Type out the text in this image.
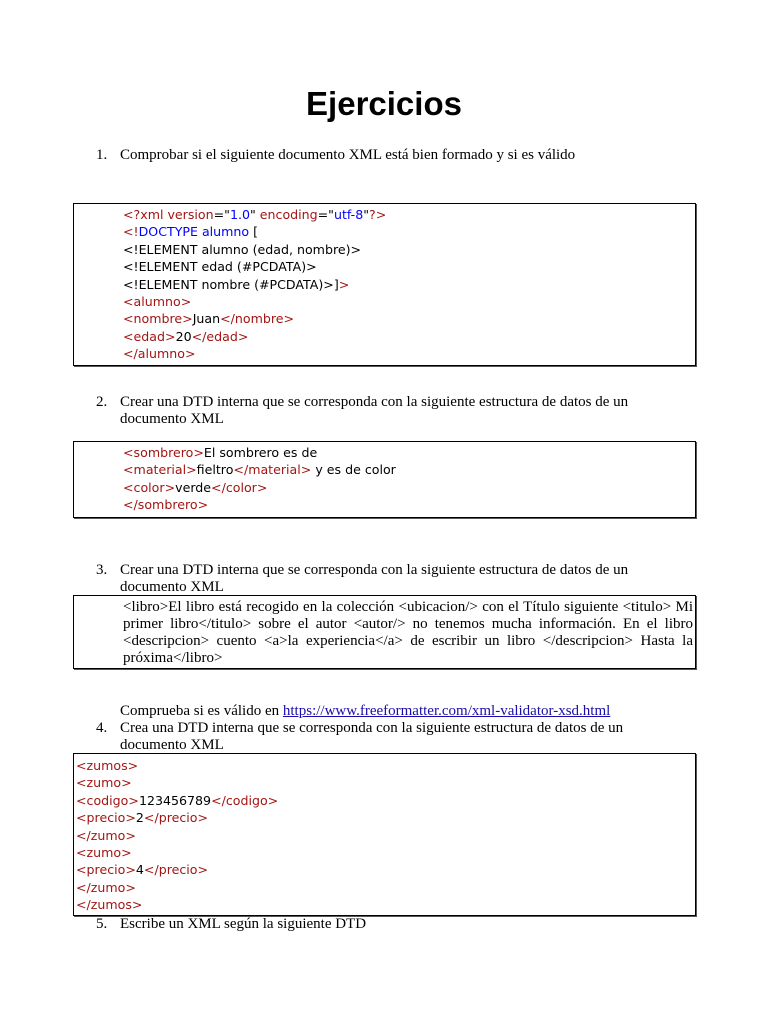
Ejercicios
1. Comprobar si el siguiente documento XML está bien formado y si es válido
<?xml version="1.0" encoding="utf-8"?>
<!DOCTYPE alumno [
<!ELEMENT alumno (edad, nombre)>
<!ELEMENT edad (#PCDATA)>
<!ELEMENT nombre (#PCDATA)>]>
<alumno>
<nombre>Juan</nombre>
<edad>20</edad>
</alumno>
2. Crear una DTD interna que se corresponda con la siguiente estructura de datos de un documento XML
<sombrero>El sombrero es de
<material>fieltro</material> y es de color
<color>verde</color>
</sombrero>
3. Crear una DTD interna que se corresponda con la siguiente estructura de datos de un documento XML
<libro>El libro está recogido en la colección <ubicacion/> con el Título siguiente <titulo> Mi primer libro</titulo> sobre el autor <autor/> no tenemos mucha información. En el libro <descripcion> cuento <a>la experiencia</a> de escribir un libro </descripcion> Hasta la próxima</libro>
Comprueba si es válido en https://www.freeformatter.com/xml-validator-xsd.html
4. Crea una DTD interna que se corresponda con la siguiente estructura de datos de un documento XML
<zumos>
<zumo>
<codigo>123456789</codigo>
<precio>2</precio>
</zumo>
<zumo>
<precio>4</precio>
</zumo>
</zumos>
5. Escribe un XML según la siguiente DTD
